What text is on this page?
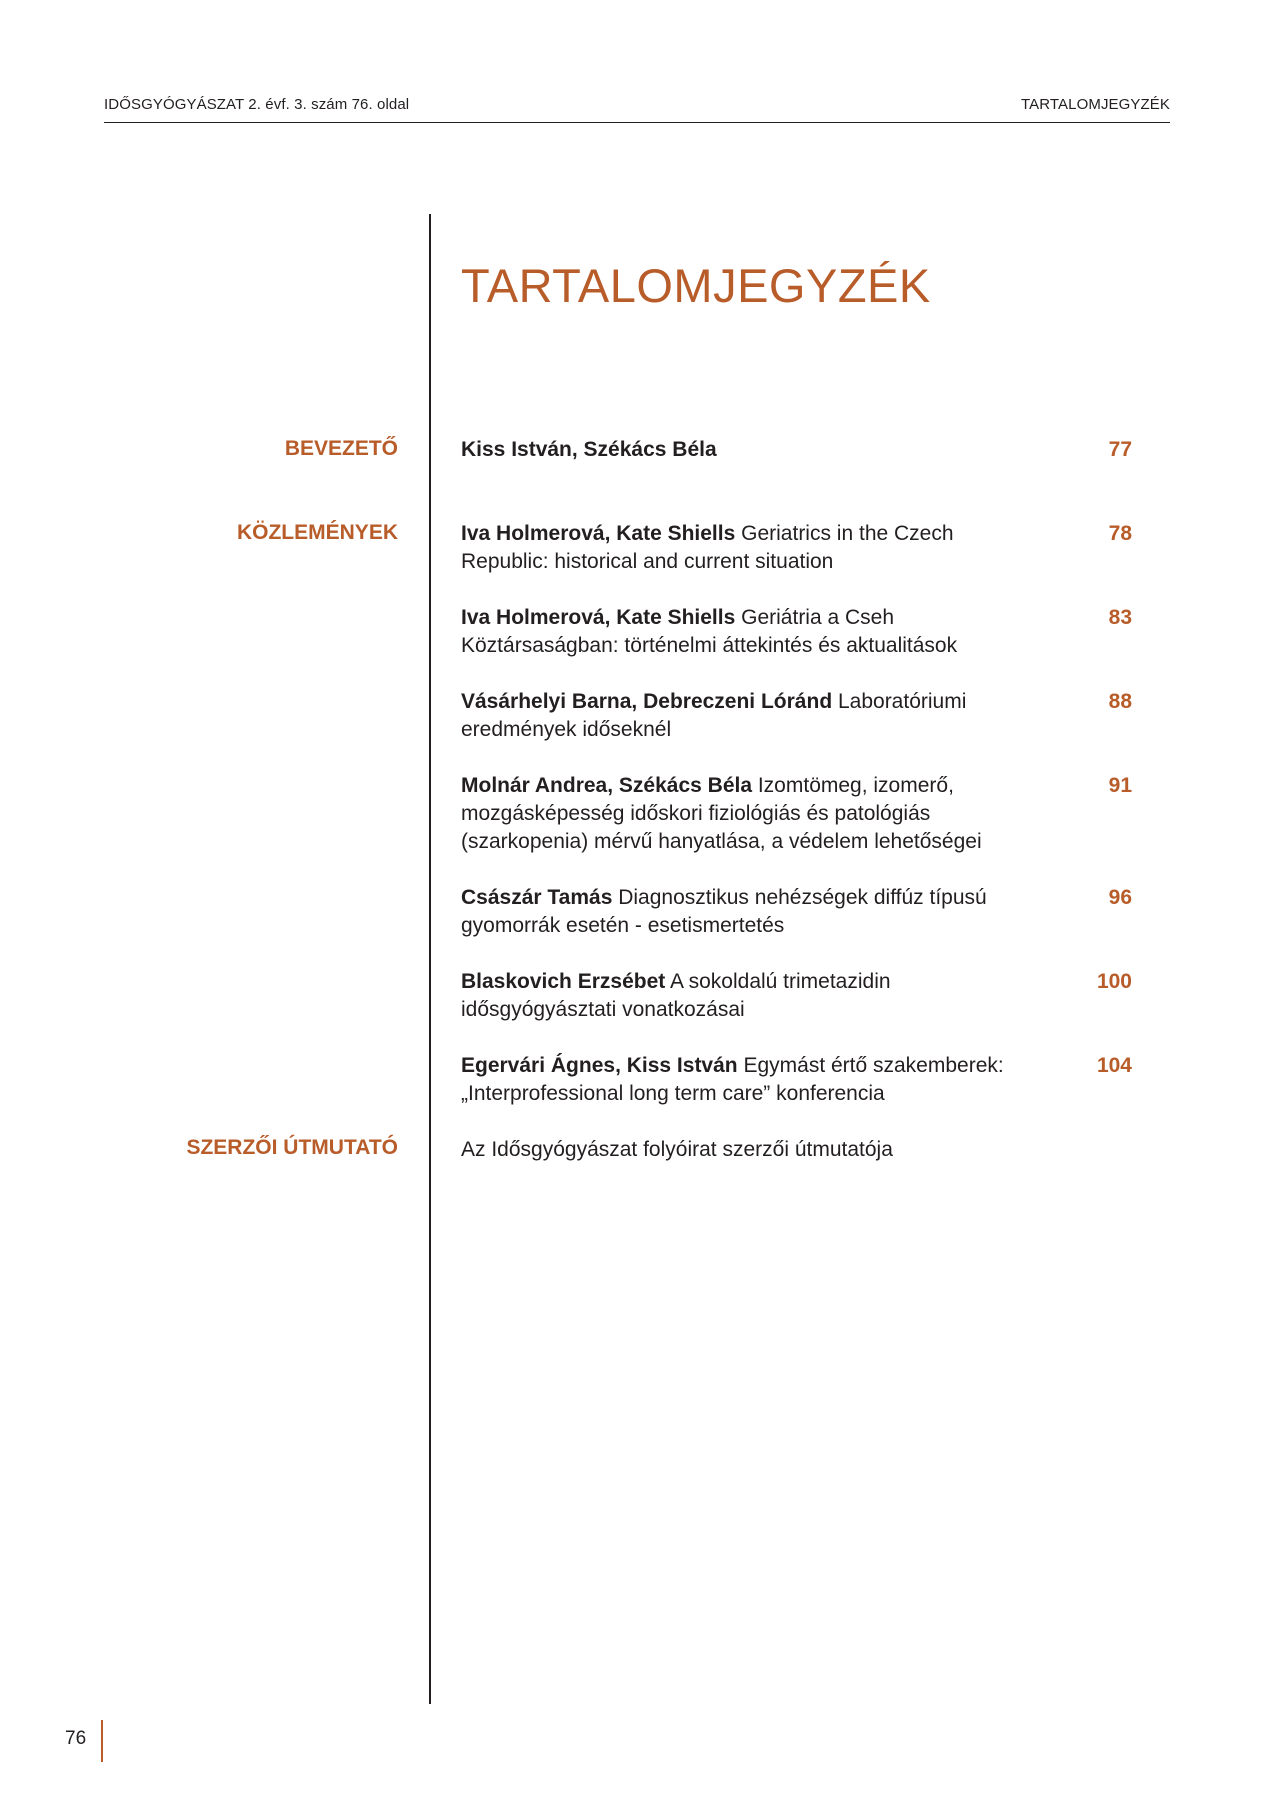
IDŐSGYÓGYÁSZAT 2. évf. 3. szám 76. oldal	TARTALOMJEGYZÉK
TARTALOMJEGYZÉK
BEVEZETŐ
KÖZLEMÉNYEK
SZERZŐI ÚTMUTATÓ
Kiss István, Székács Béla	77
Iva Holmerová, Kate Shiells Geriatrics in the Czech Republic: historical and current situation
78
Iva Holmerová, Kate Shiells Geriátria a Cseh Köztársaságban: történelmi áttekintés és aktualitások
83
Vásárhelyi Barna, Debreczeni Lóránd Laboratóriumi eredmények időseknél
88
Molnár Andrea, Székács Béla Izomtömeg, izomerő, mozgásképesség időskori fiziológiás és patológiás (szarkopenia) mérvű hanyatlása, a védelem lehetőségei
91
Császár Tamás Diagnosztikus nehézségek diffúz típusú gyomorrák esetén - esetismertetés
96
Blaskovich Erzsébet A sokoldalú trimetazidin idősgyógyásztati vonatkozásai
100
Egervári Ágnes, Kiss István Egymást értő szakemberek: „Interprofessional long term care” konferencia
104
Az Idősgyógyászat folyóirat szerzői útmutatója
76
